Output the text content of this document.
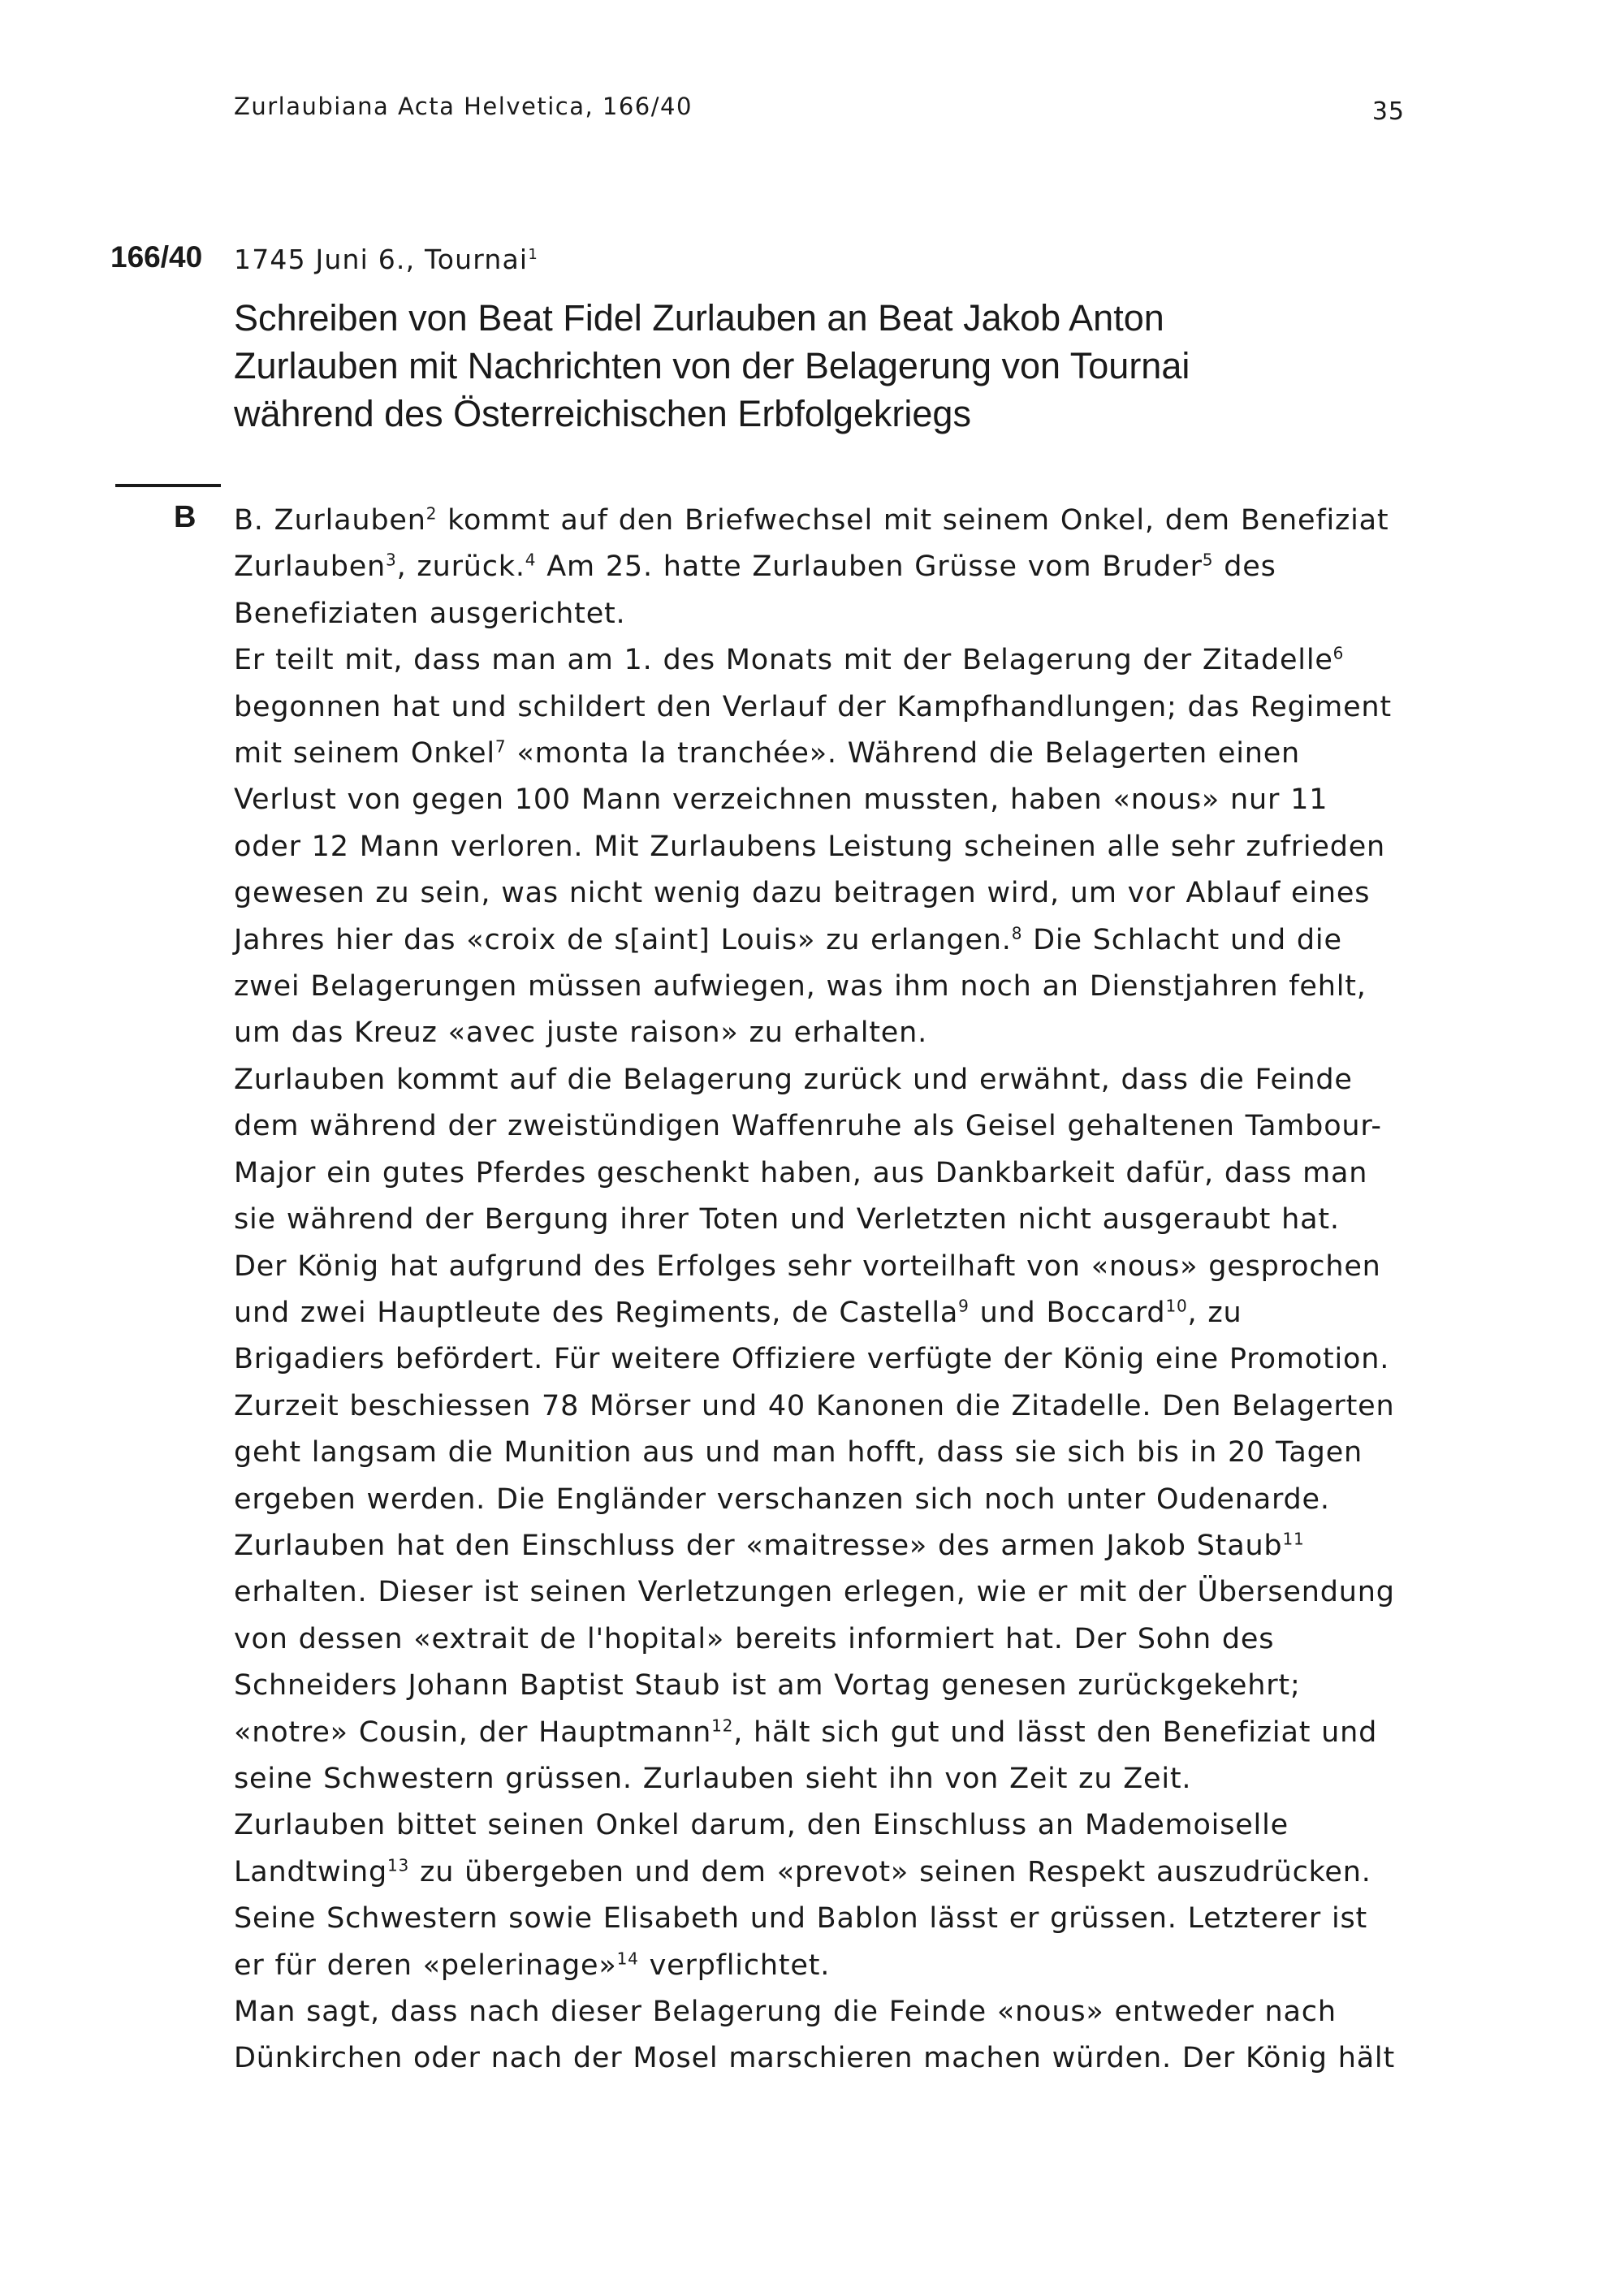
Zurlaubiana Acta Helvetica, 166/40	35
166/40 1745 Juni 6., Tournai$^1$
Schreiben von Beat Fidel Zurlauben an Beat Jakob Anton Zurlauben mit Nachrichten von der Belagerung von Tournai während des Österreichischen Erbfolgekriegs
B B. Zurlauben$^2$ kommt auf den Briefwechsel mit seinem Onkel, dem Benefiziat Zurlauben$^3$, zurück.$^4$ Am 25. hatte Zurlauben Grüsse vom Bruder$^5$ des Benefiziaten ausgerichtet.

Er teilt mit, dass man am 1. des Monats mit der Belagerung der Zitadelle$^6$ begonnen hat und schildert den Verlauf der Kampfhandlungen; das Regiment mit seinem Onkel$^7$ «monta la tranchée». Während die Belagerten einen Verlust von gegen 100 Mann verzeichnen mussten, haben «nous» nur 11 oder 12 Mann verloren. Mit Zurlaubens Leistung scheinen alle sehr zufrieden gewesen zu sein, was nicht wenig dazu beitragen wird, um vor Ablauf eines Jahres hier das «croix de s[aint] Louis» zu erlangen.$^8$ Die Schlacht und die zwei Belagerungen müssen aufwiegen, was ihm noch an Dienstjahren fehlt, um das Kreuz «avec juste raison» zu erhalten.

Zurlauben kommt auf die Belagerung zurück und erwähnt, dass die Feinde dem während der zweistündigen Waffenruhe als Geisel gehaltenen Tambour-Major ein gutes Pferdes geschenkt haben, aus Dankbarkeit dafür, dass man sie während der Bergung ihrer Toten und Verletzten nicht ausgeraubt hat.

Der König hat aufgrund des Erfolges sehr vorteilhaft von «nous» gesprochen und zwei Hauptleute des Regiments, de Castella$^9$ und Boccard$^{10}$, zu Brigadiers befördert. Für weitere Offiziere verfügte der König eine Promotion. Zurzeit beschiessen 78 Mörser und 40 Kanonen die Zitadelle. Den Belagerten geht langsam die Munition aus und man hofft, dass sie sich bis in 20 Tagen ergeben werden. Die Engländer verschanzen sich noch unter Oudenarde.

Zurlauben hat den Einschluss der «maitresse» des armen Jakob Staub$^{11}$ erhalten. Dieser ist seinen Verletzungen erlegen, wie er mit der Übersendung von dessen «extrait de l'hopital» bereits informiert hat. Der Sohn des Schneiders Johann Baptist Staub ist am Vortag genesen zurückgekehrt; «notre» Cousin, der Hauptmann$^{12}$, hält sich gut und lässt den Benefiziat und seine Schwestern grüssen. Zurlauben sieht ihn von Zeit zu Zeit.

Zurlauben bittet seinen Onkel darum, den Einschluss an Mademoiselle Landtwing$^{13}$ zu übergeben und dem «prevot» seinen Respekt auszudrücken. Seine Schwestern sowie Elisabeth und Bablon lässt er grüssen. Letzterer ist er für deren «pelerinage»$^{14}$ verpflichtet.

Man sagt, dass nach dieser Belagerung die Feinde «nous» entweder nach Dünkirchen oder nach der Mosel marschieren machen würden. Der König hält
